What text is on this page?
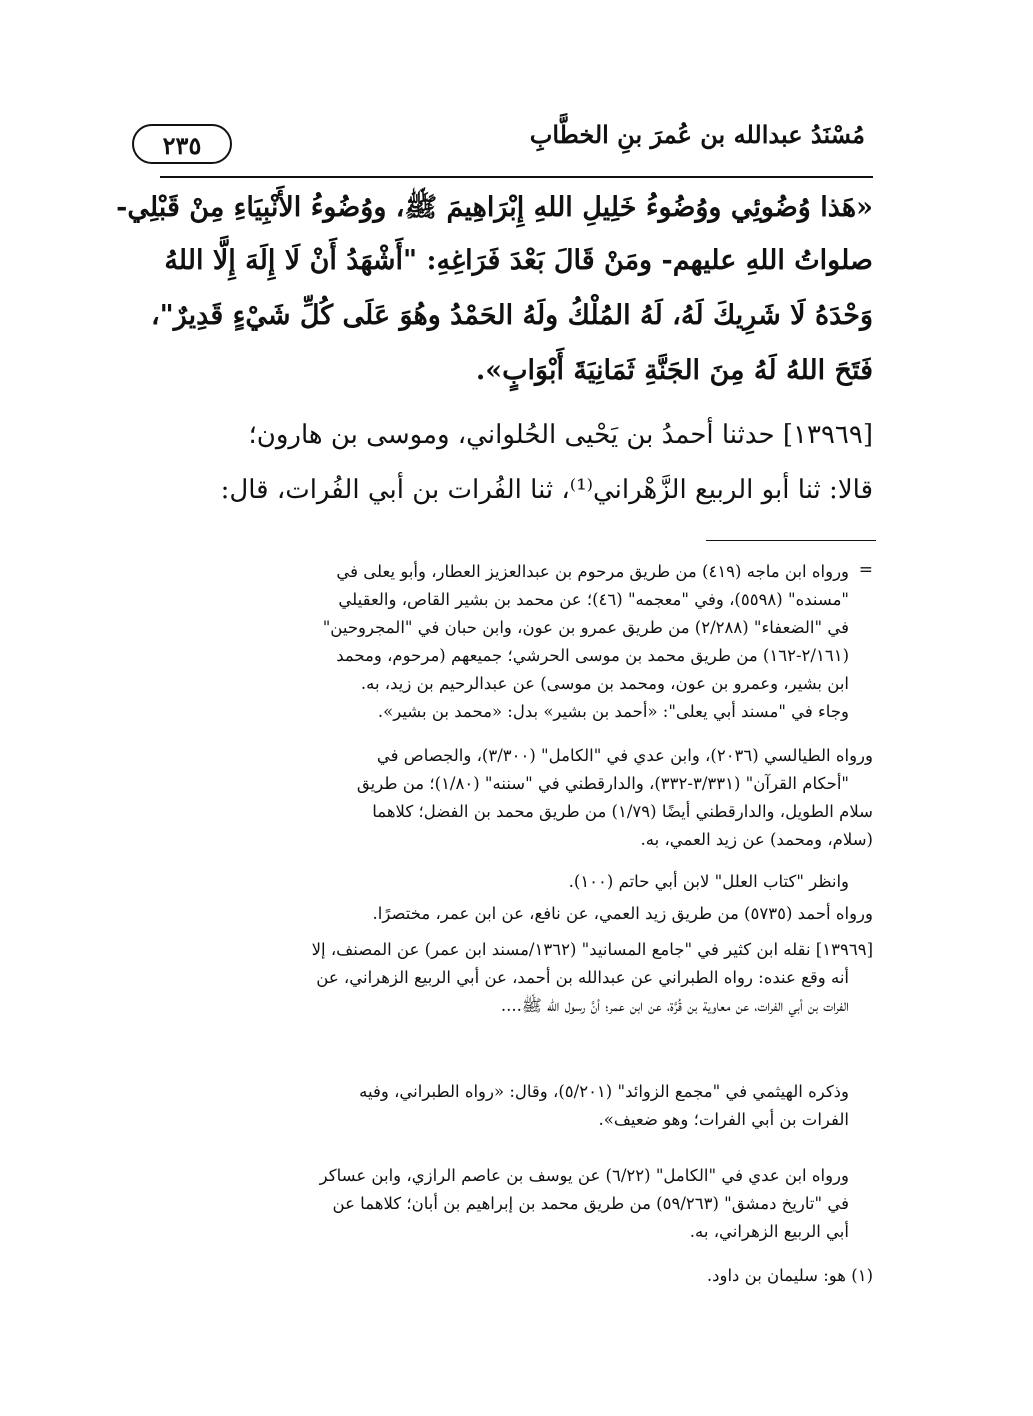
مُسْنَدُ عبدالله بن عُمرَ بنِ الخطَّابِ
٢٣٥
«هَذا وُضُوئِي ووُضُوءُ خَلِيلِ اللهِ إِبْرَاهِيمَ ﷺ، ووُضُوءُ الأَنْبِيَاءِ مِنْ قَبْلِي-
صلواتُ اللهِ عليهم- ومَنْ قَالَ بَعْدَ فَرَاغِهِ: "أَشْهَدُ أَنْ لَا إِلَهَ إِلَّا اللهُ
وَحْدَهُ لَا شَرِيكَ لَهُ، لَهُ المُلْكُ ولَهُ الحَمْدُ وهُوَ عَلَى كُلِّ شَيْءٍ قَدِيرٌ"،
فَتَحَ اللهُ لَهُ مِنَ الجَنَّةِ ثَمَانِيَةَ أَبْوَابٍ».
[١٣٩٦٩] حدثنا أحمدُ بن يَحْيى الحُلواني، وموسى بن هارون؛
قالا: ثنا أبو الربيع الزَّهْراني⁽¹⁾، ثنا الفُرات بن أبي الفُرات، قال:
=
ورواه ابن ماجه (٤١٩) من طريق مرحوم بن عبدالعزيز العطار، وأبو يعلى في
"مسنده" (٥٥٩٨)، وفي "معجمه" (٤٦)؛ عن محمد بن بشير القاص، والعقيلي
في "الضعفاء" (٢/٢٨٨) من طريق عمرو بن عون، وابن حبان في "المجروحين"
(٢/١٦١-١٦٢) من طريق محمد بن موسى الحرشي؛ جميعهم (مرحوم، ومحمد
ابن بشير، وعمرو بن عون، ومحمد بن موسى) عن عبدالرحيم بن زيد، به.
وجاء في "مسند أبي يعلى": «أحمد بن بشير» بدل: «محمد بن بشير».
ورواه الطيالسي (٢٠٣٦)، وابن عدي في "الكامل" (٣/٣٠٠)، والجصاص في
"أحكام القرآن" (٣/٣٣١-٣٣٢)، والدارقطني في "سننه" (١/٨٠)؛ من طريق
سلام الطويل، والدارقطني أيضًا (١/٧٩) من طريق محمد بن الفضل؛ كلاهما
(سلام، ومحمد) عن زيد العمي، به.
وانظر "كتاب العلل" لابن أبي حاتم (١٠٠).
ورواه أحمد (٥٧٣٥) من طريق زيد العمي، عن نافع، عن ابن عمر، مختصرًا.
[١٣٩٦٩] نقله ابن كثير في "جامع المسانيد" (١٣٦٢/مسند ابن عمر) عن المصنف، إلا
أنه وقع عنده: رواه الطبراني عن عبدالله بن أحمد، عن أبي الربيع الزهراني، عن
الفرات بن أبي الفرات، عن معاوية بن قُرَّة، عن ابن عمر؛ أنَّ رسول الله ﷺ....
وذكره الهيثمي في "مجمع الزوائد" (٥/٢٠١)، وقال: «رواه الطبراني، وفيه
الفرات بن أبي الفرات؛ وهو ضعيف».
ورواه ابن عدي في "الكامل" (٦/٢٢) عن يوسف بن عاصم الرازي، وابن عساكر
في "تاريخ دمشق" (٥٩/٢٦٣) من طريق محمد بن إبراهيم بن أبان؛ كلاهما عن
أبي الربيع الزهراني، به.
(١) هو: سليمان بن داود.
